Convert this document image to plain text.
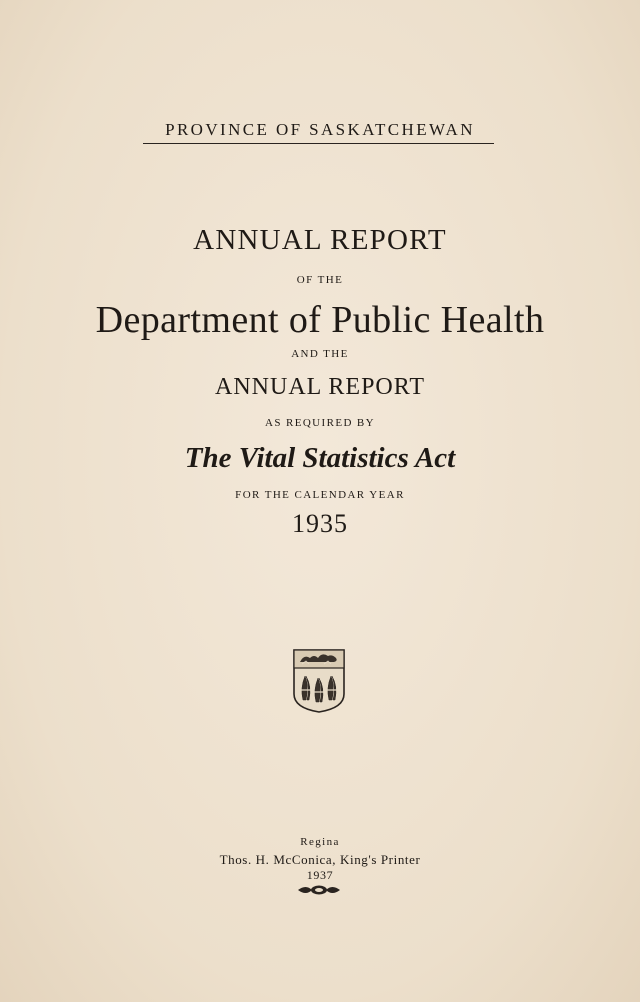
PROVINCE OF SASKATCHEWAN
ANNUAL REPORT
OF THE
Department of Public Health
AND THE
ANNUAL REPORT
AS REQUIRED BY
The Vital Statistics Act
FOR THE CALENDAR YEAR
1935
Regina
Thos. H. McConica, King's Printer
1937
